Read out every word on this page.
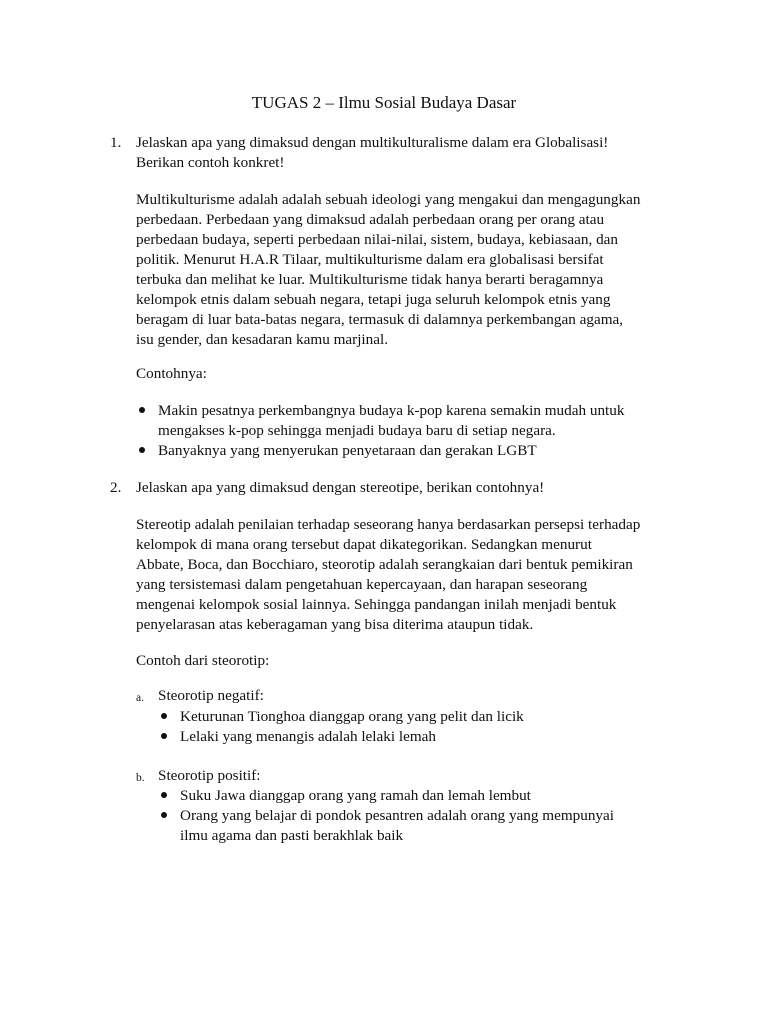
TUGAS 2 – Ilmu Sosial Budaya Dasar
1. Jelaskan apa yang dimaksud dengan multikulturalisme dalam era Globalisasi!
Berikan contoh konkret!
Multikulturisme adalah adalah sebuah ideologi yang mengakui dan mengagungkan
perbedaan. Perbedaan yang dimaksud adalah perbedaan orang per orang atau
perbedaan budaya, seperti perbedaan nilai-nilai, sistem, budaya, kebiasaan, dan
politik. Menurut H.A.R Tilaar, multikulturisme dalam era globalisasi bersifat
terbuka dan melihat ke luar. Multikulturisme tidak hanya berarti beragamnya
kelompok etnis dalam sebuah negara, tetapi juga seluruh kelompok etnis yang
beragam di luar bata-batas negara, termasuk di dalamnya perkembangan agama,
isu gender, dan kesadaran kamu marjinal.
Contohnya:
Makin pesatnya perkembangnya budaya k-pop karena semakin mudah untuk
mengakses k-pop sehingga menjadi budaya baru di setiap negara.
Banyaknya yang menyerukan penyetaraan dan gerakan LGBT
2. Jelaskan apa yang dimaksud dengan stereotipe, berikan contohnya!
Stereotip adalah penilaian terhadap seseorang hanya berdasarkan persepsi terhadap
kelompok di mana orang tersebut dapat dikategorikan. Sedangkan menurut
Abbate, Boca, dan Bocchiaro, steorotip adalah serangkaian dari bentuk pemikiran
yang tersistemasi dalam pengetahuan kepercayaan, dan harapan seseorang
mengenai kelompok sosial lainnya. Sehingga pandangan inilah menjadi bentuk
penyelarasan atas keberagaman yang bisa diterima ataupun tidak.
Contoh dari steorotip:
a. Steorotip negatif:
Keturunan Tionghoa dianggap orang yang pelit dan licik
Lelaki yang menangis adalah lelaki lemah
b. Steorotip positif:
Suku Jawa dianggap orang yang ramah dan lemah lembut
Orang yang belajar di pondok pesantren adalah orang yang mempunyai
ilmu agama dan pasti berakhlak baik
